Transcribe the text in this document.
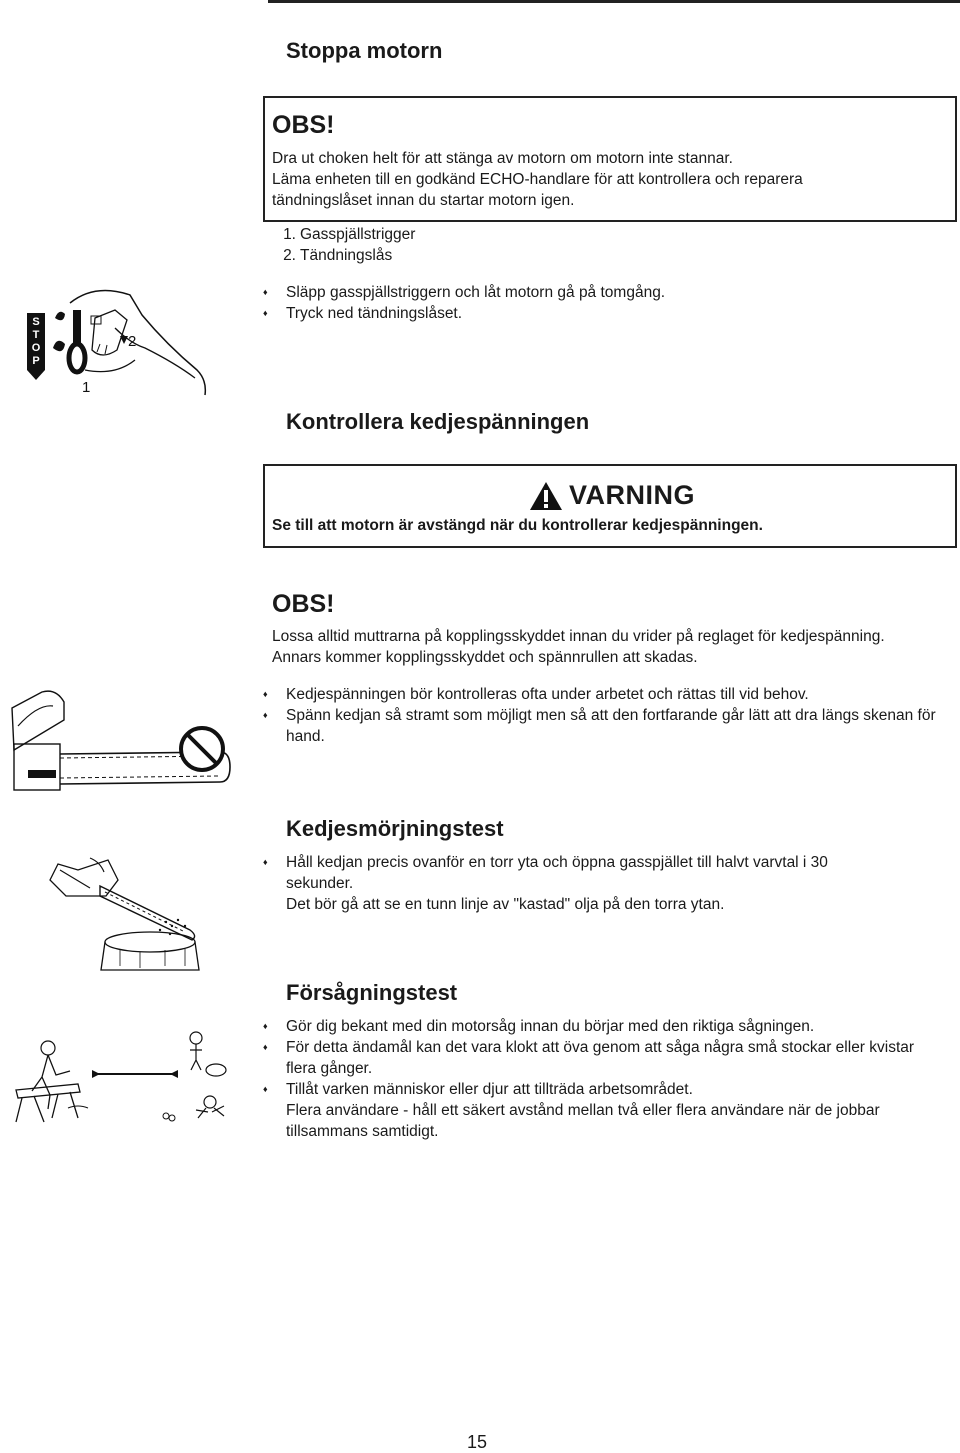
Stoppa motorn
OBS!
Dra ut choken helt för att stänga av motorn om motorn inte stannar.
Läma enheten till en godkänd ECHO-handlare för att kontrollera och reparera
tändningslåset innan du startar motorn igen.
1. Gasspjällstrigger
2. Tändningslås
♦ Släpp gasspjällstriggern och låt motorn gå på tomgång.
♦ Tryck ned tändningslåset.
S
T
O
P
2
1
Kontrollera kedjespänningen
VARNING
Se till att motorn är avstängd när du kontrollerar kedjespänningen.
OBS!
Lossa alltid muttrarna på kopplingsskyddet innan du vrider på reglaget för kedjespänning.
Annars kommer kopplingsskyddet och spännrullen att skadas.
♦ Kedjespänningen bör kontrolleras ofta under arbetet och rättas till vid behov.
♦ Spänn kedjan så stramt som möjligt men så att den fortfarande går lätt att dra längs skenan för hand.
Kedjesmörjningstest
♦ Håll kedjan precis ovanför en torr yta och öppna gasspjället till halvt varvtal i 30
sekunder.
Det bör gå att se en tunn linje av "kastad" olja på den torra ytan.
Försågningstest
♦ Gör dig bekant med din motorsåg innan du börjar med den riktiga sågningen.
♦ För detta ändamål kan det vara klokt att öva genom att såga några små stockar eller kvistar
flera gånger.
♦ Tillåt varken människor eller djur att tillträda arbetsområdet.
Flera användare - håll ett säkert avstånd mellan två eller flera användare när de jobbar
tillsammans samtidigt.
15
